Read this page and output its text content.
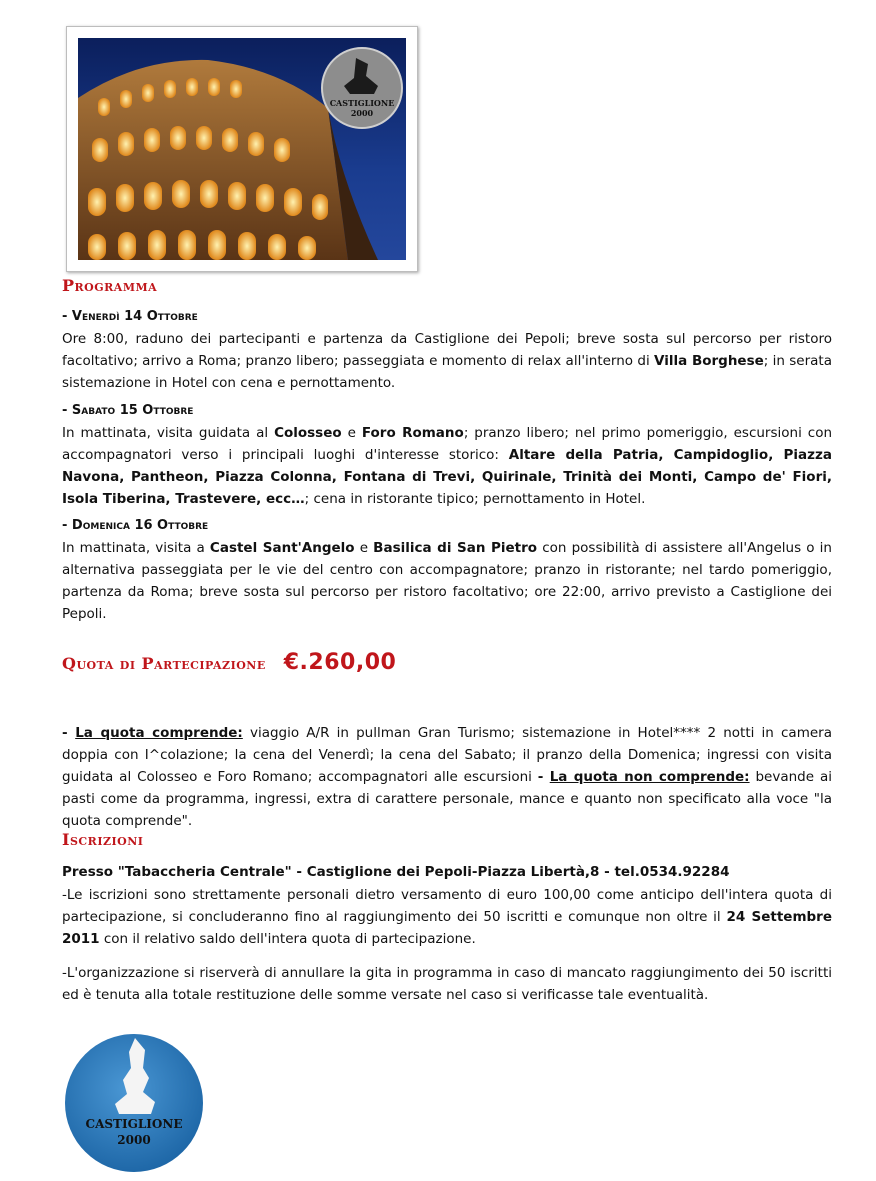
CASTIGLIONE
2000
Programma
- Venerdì 14 Ottobre
Ore 8:00, raduno dei partecipanti e partenza da Castiglione dei Pepoli; breve sosta sul percorso per ristoro facoltativo; arrivo a Roma; pranzo libero; passeggiata e momento di relax all'interno di Villa Borghese; in serata sistemazione in Hotel con cena e pernottamento.
- Sabato 15 Ottobre
In mattinata, visita guidata al Colosseo e Foro Romano; pranzo libero; nel primo pomeriggio, escursioni con accompagnatori verso i principali luoghi d'interesse storico: Altare della Patria, Campidoglio, Piazza Navona, Pantheon, Piazza Colonna, Fontana di Trevi, Quirinale, Trinità dei Monti, Campo de' Fiori, Isola Tiberina, Trastevere, ecc…; cena in ristorante tipico; pernottamento in Hotel.
- Domenica 16 Ottobre
In mattinata, visita a Castel Sant'Angelo e Basilica di San Pietro con possibilità di assistere all'Angelus o in alternativa passeggiata per le vie del centro con accompagnatore; pranzo in ristorante; nel tardo pomeriggio, partenza da Roma; breve sosta sul percorso per ristoro facoltativo; ore 22:00, arrivo previsto a Castiglione dei Pepoli.
Quota di Partecipazione €.260,00
- La quota comprende: viaggio A/R in pullman Gran Turismo; sistemazione in Hotel**** 2 notti in camera doppia con I^colazione; la cena del Venerdì; la cena del Sabato; il pranzo della Domenica; ingressi con visita guidata al Colosseo e Foro Romano; accompagnatori alle escursioni - La quota non comprende: bevande ai pasti come da programma, ingressi, extra di carattere personale, mance e quanto non specificato alla voce "la quota comprende".
Iscrizioni
Presso "Tabaccheria Centrale" - Castiglione dei Pepoli-Piazza Libertà,8 - tel.0534.92284
-Le iscrizioni sono strettamente personali dietro versamento di euro 100,00 come anticipo dell'intera quota di partecipazione, si concluderanno fino al raggiungimento dei 50 iscritti e comunque non oltre il 24 Settembre 2011 con il relativo saldo dell'intera quota di partecipazione.
-L'organizzazione si riserverà di annullare la gita in programma in caso di mancato raggiungimento dei 50 iscritti ed è tenuta alla totale restituzione delle somme versate nel caso si verificasse tale eventualità.
CASTIGLIONE
2000
